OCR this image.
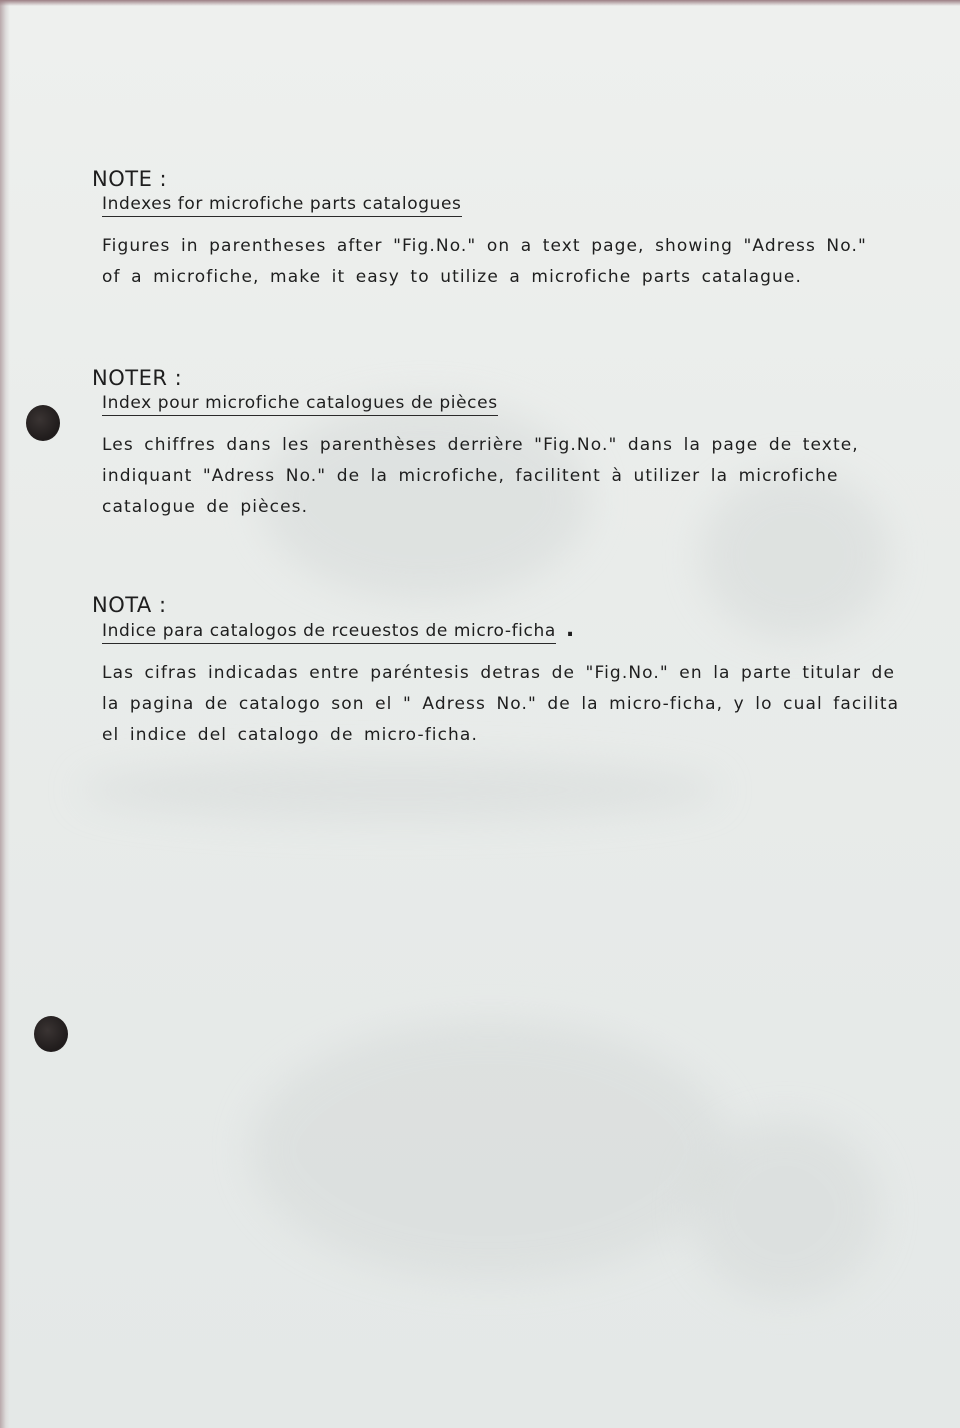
NOTE :
Indexes for microfiche parts catalogues
Figures in parentheses after "Fig.No." on a text page, showing "Adress No."
of a microfiche, make it easy to utilize a microfiche parts catalague.
NOTER :
Index pour microfiche catalogues de pièces
Les chiffres dans les parenthèses derrière "Fig.No." dans la page de texte,
indiquant "Adress No." de la microfiche, facilitent à utilizer la microfiche
catalogue de pièces.
NOTA :
Indice para catalogos de rceuestos de micro-ficha .
Las cifras indicadas entre paréntesis detras de "Fig.No." en la parte titular de
la pagina de catalogo son el " Adress No." de la micro-ficha, y lo cual facilita
el indice del catalogo de micro-ficha.
